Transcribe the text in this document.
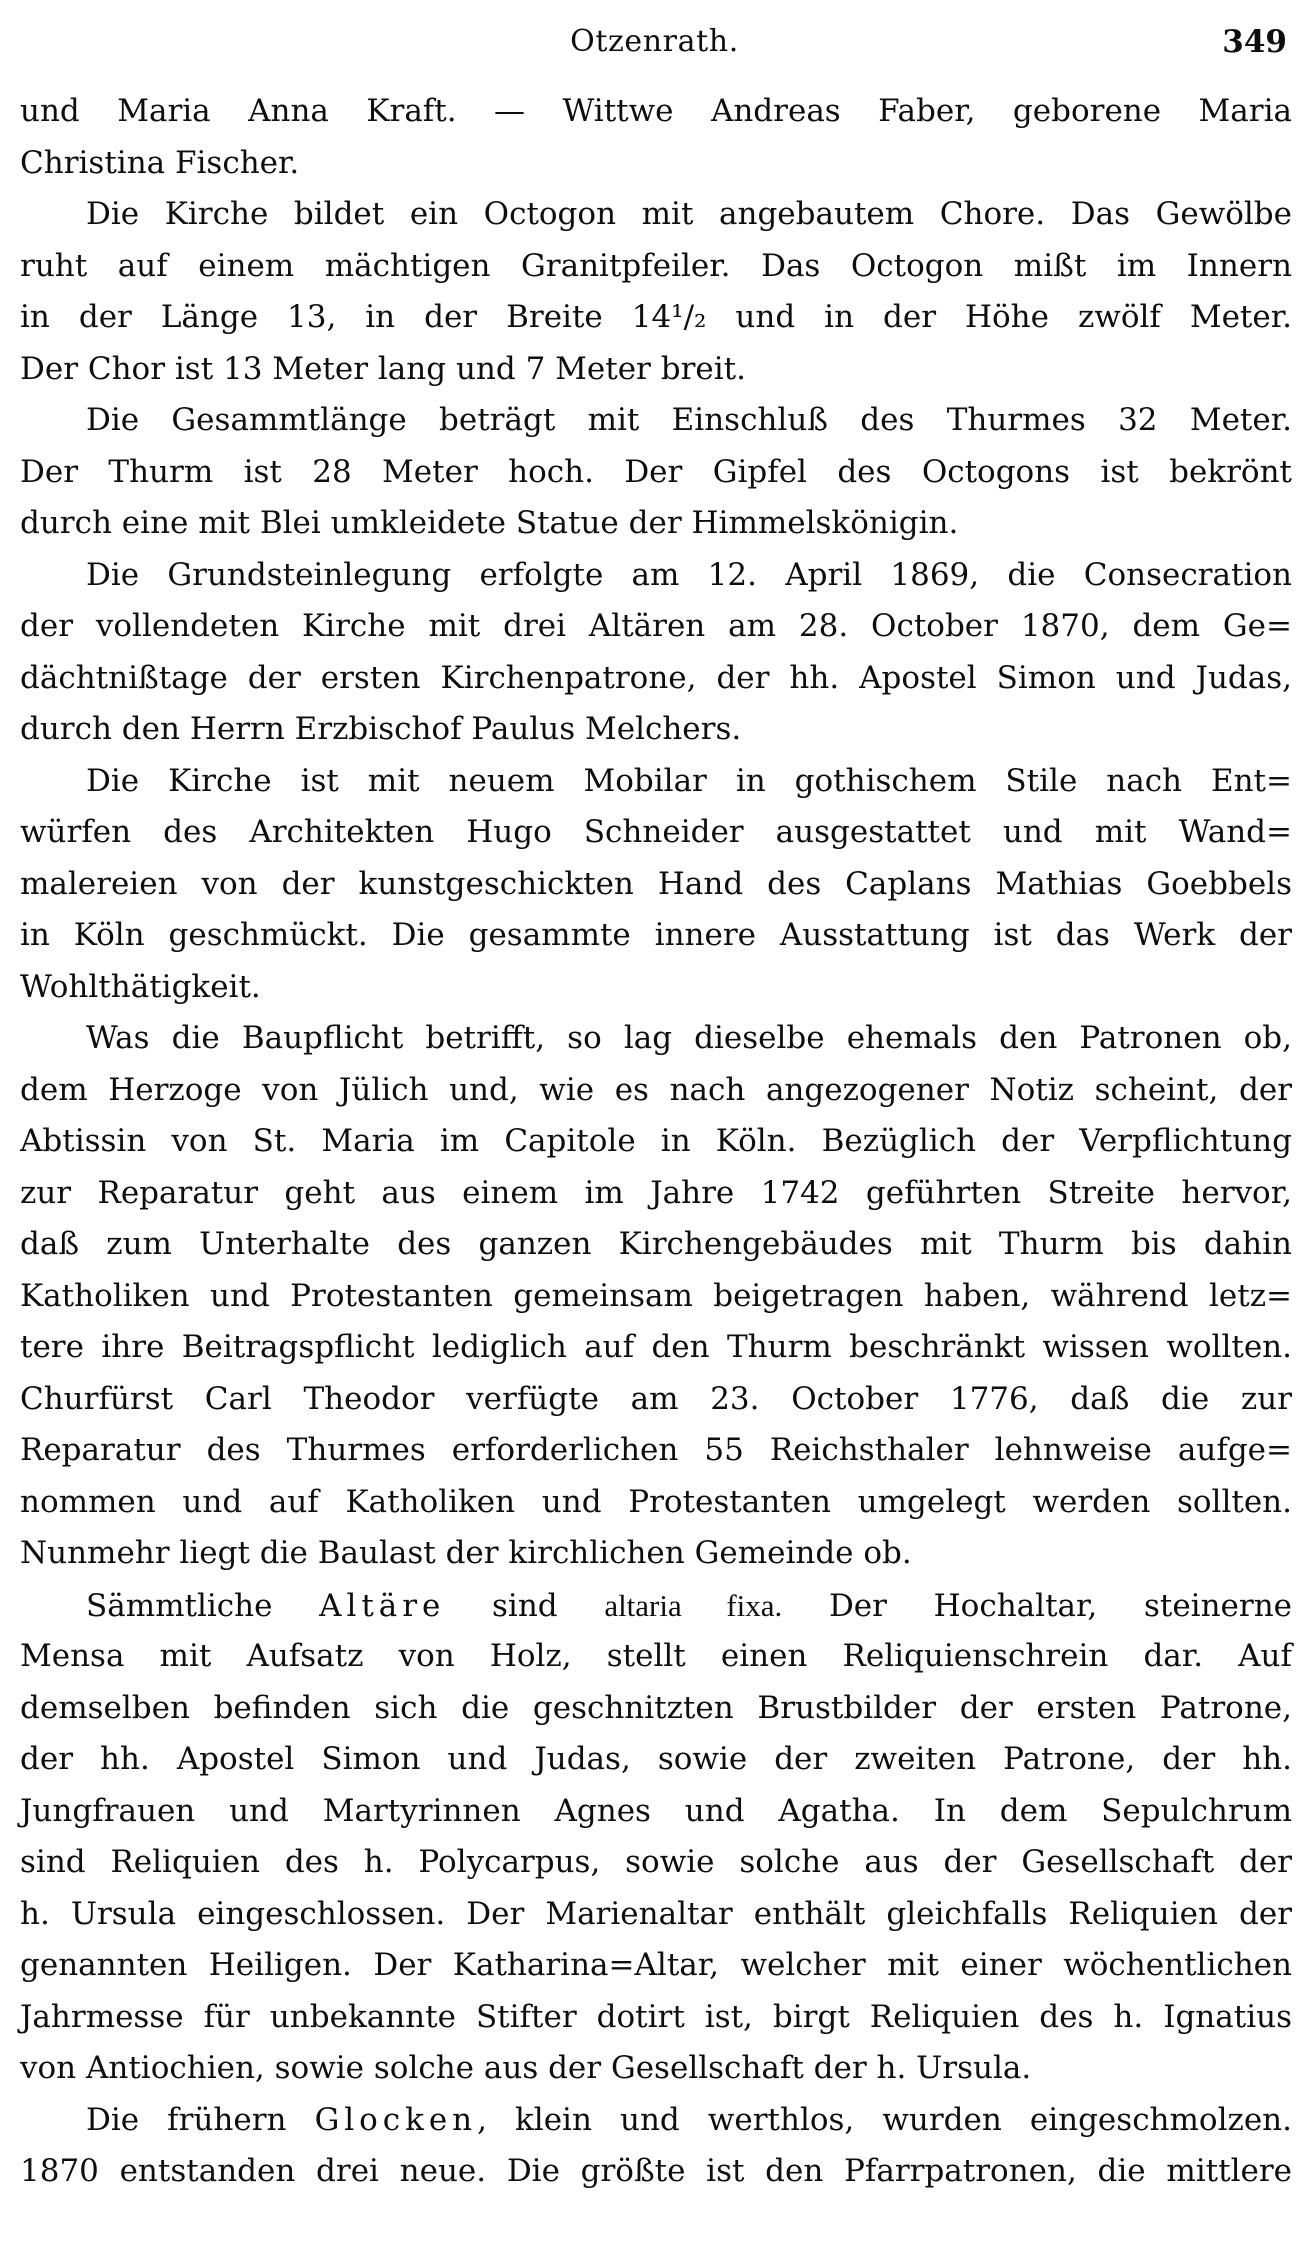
Otzenrath.	349
und Maria Anna Kraft. — Wittwe Andreas Faber, geborene Maria
Christina Fischer.
Die Kirche bildet ein Octogon mit angebautem Chore. Das Gewölbe
ruht auf einem mächtigen Granitpfeiler. Das Octogon mißt im Innern
in der Länge 13, in der Breite 14¹/₂ und in der Höhe zwölf Meter.
Der Chor ist 13 Meter lang und 7 Meter breit.
Die Gesammtlänge beträgt mit Einschluß des Thurmes 32 Meter.
Der Thurm ist 28 Meter hoch. Der Gipfel des Octogons ist bekrönt
durch eine mit Blei umkleidete Statue der Himmelskönigin.
Die Grundsteinlegung erfolgte am 12. April 1869, die Consecration
der vollendeten Kirche mit drei Altären am 28. October 1870, dem Ge=
dächtnißtage der ersten Kirchenpatrone, der hh. Apostel Simon und Judas,
durch den Herrn Erzbischof Paulus Melchers.
Die Kirche ist mit neuem Mobilar in gothischem Stile nach Ent=
würfen des Architekten Hugo Schneider ausgestattet und mit Wand=
malereien von der kunstgeschickten Hand des Caplans Mathias Goebbels
in Köln geschmückt. Die gesammte innere Ausstattung ist das Werk der
Wohlthätigkeit.
Was die Baupflicht betrifft, so lag dieselbe ehemals den Patronen ob,
dem Herzoge von Jülich und, wie es nach angezogener Notiz scheint, der
Abtissin von St. Maria im Capitole in Köln. Bezüglich der Verpflichtung
zur Reparatur geht aus einem im Jahre 1742 geführten Streite hervor,
daß zum Unterhalte des ganzen Kirchengebäudes mit Thurm bis dahin
Katholiken und Protestanten gemeinsam beigetragen haben, während letz=
tere ihre Beitragspflicht lediglich auf den Thurm beschränkt wissen wollten.
Churfürst Carl Theodor verfügte am 23. October 1776, daß die zur
Reparatur des Thurmes erforderlichen 55 Reichsthaler lehnweise aufge=
nommen und auf Katholiken und Protestanten umgelegt werden sollten.
Nunmehr liegt die Baulast der kirchlichen Gemeinde ob.
Sämmtliche Altäre sind altaria fixa. Der Hochaltar, steinerne
Mensa mit Aufsatz von Holz, stellt einen Reliquienschrein dar. Auf
demselben befinden sich die geschnitzten Brustbilder der ersten Patrone,
der hh. Apostel Simon und Judas, sowie der zweiten Patrone, der hh.
Jungfrauen und Martyrinnen Agnes und Agatha. In dem Sepulchrum
sind Reliquien des h. Polycarpus, sowie solche aus der Gesellschaft der
h. Ursula eingeschlossen. Der Marienaltar enthält gleichfalls Reliquien der
genannten Heiligen. Der Katharina=Altar, welcher mit einer wöchentlichen
Jahrmesse für unbekannte Stifter dotirt ist, birgt Reliquien des h. Ignatius
von Antiochien, sowie solche aus der Gesellschaft der h. Ursula.
Die frühern Glocken, klein und werthlos, wurden eingeschmolzen.
1870 entstanden drei neue. Die größte ist den Pfarrpatronen, die mittlere
